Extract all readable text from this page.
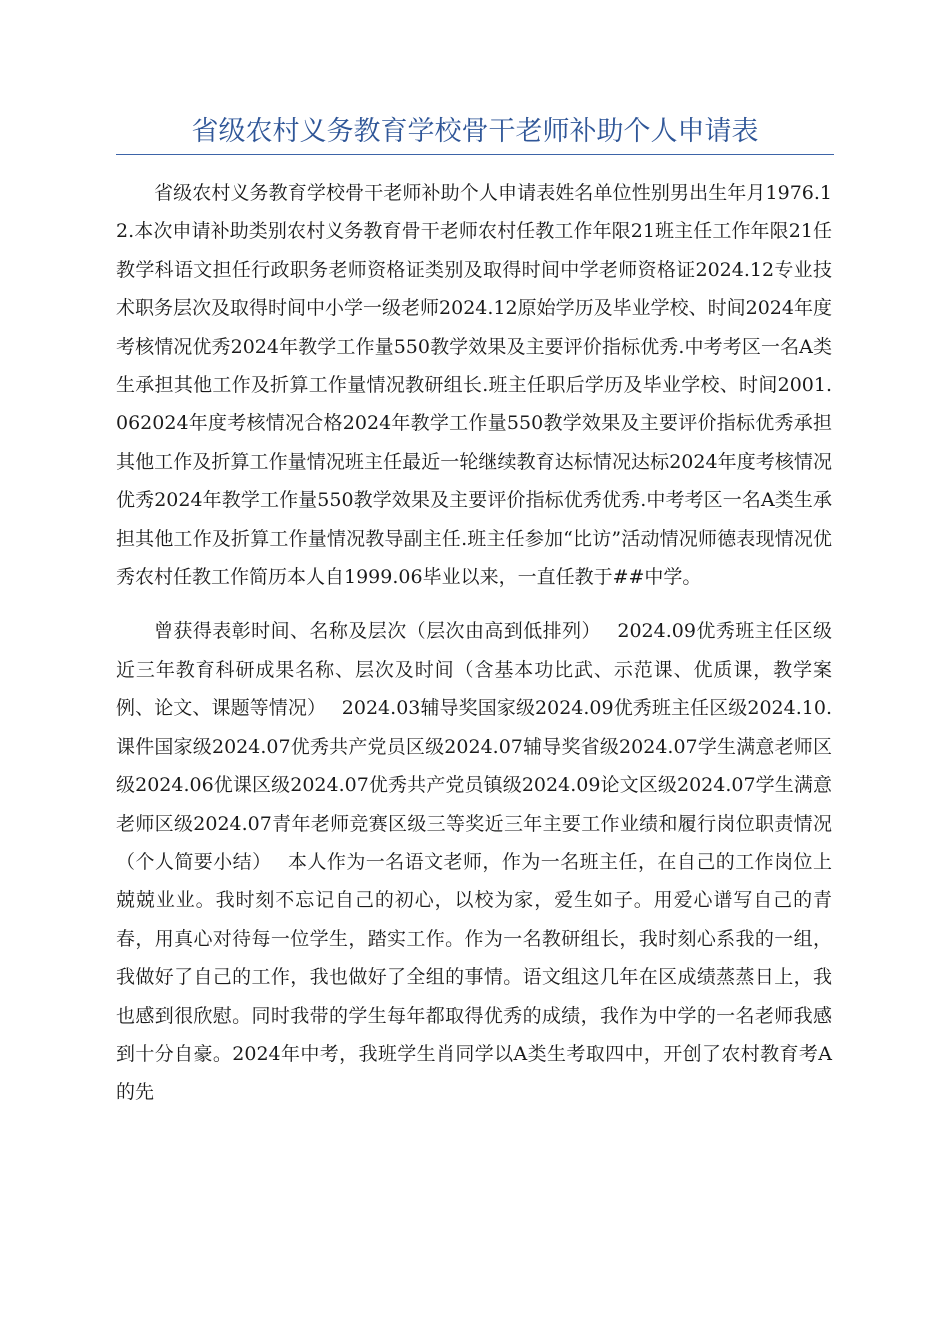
省级农村义务教育学校骨干老师补助个人申请表

省级农村义务教育学校骨干老师补助个人申请表姓名单位性别男出生年月1976.12.本次申请补助类别农村义务教育骨干老师农村任教工作年限21班主任工作年限21任教学科语文担任行政职务老师资格证类别及取得时间中学老师资格证2024.12专业技术职务层次及取得时间中小学一级老师2024.12原始学历及毕业学校、时间2024年度考核情况优秀2024年教学工作量550教学效果及主要评价指标优秀.中考考区一名A类生承担其他工作及折算工作量情况教研组长.班主任职后学历及毕业学校、时间2001.062024年度考核情况合格2024年教学工作量550教学效果及主要评价指标优秀承担其他工作及折算工作量情况班主任最近一轮继续教育达标情况达标2024年度考核情况优秀2024年教学工作量550教学效果及主要评价指标优秀优秀.中考考区一名A类生承担其他工作及折算工作量情况教导副主任.班主任参加“比访”活动情况师德表现情况优秀农村任教工作简历本人自1999.06毕业以来，一直任教于##中学。

曾获得表彰时间、名称及层次（层次由高到低排列）　 2024.09优秀班主任区级近三年教育科研成果名称、层次及时间（含基本功比武、示范课、优质课，教学案例、论文、课题等情况）　 2024.03辅导奖国家级2024.09优秀班主任区级2024.10.课件国家级2024.07优秀共产党员区级2024.07辅导奖省级2024.07学生满意老师区级2024.06优课区级2024.07优秀共产党员镇级2024.09论文区级2024.07学生满意老师区级2024.07青年老师竞赛区级三等奖近三年主要工作业绩和履行岗位职责情况（个人简要小结）　 本人作为一名语文老师，作为一名班主任，在自己的工作岗位上兢兢业业。我时刻不忘记自己的初心，以校为家，爱生如子。用爱心谱写自己的青春，用真心对待每一位学生，踏实工作。作为一名教研组长，我时刻心系我的一组，我做好了自己的工作，我也做好了全组的事情。语文组这几年在区成绩蒸蒸日上，我也感到很欣慰。同时我带的学生每年都取得优秀的成绩，我作为中学的一名老师我感到十分自豪。2024年中考，我班学生肖同学以A类生考取四中，开创了农村教育考A的先
